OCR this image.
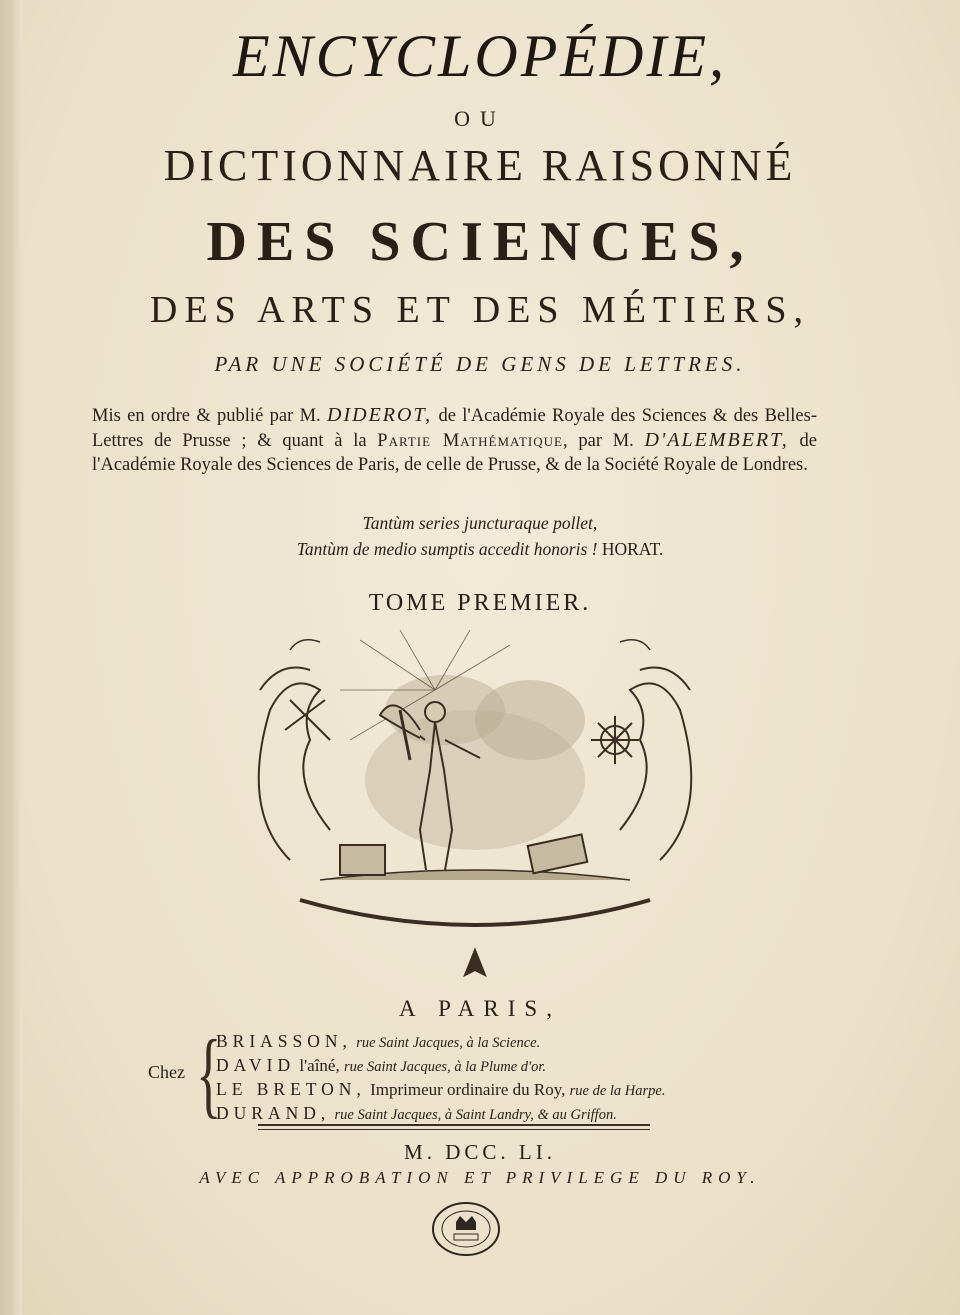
ENCYCLOPÉDIE,
OU
DICTIONNAIRE RAISONNÉ
DES SCIENCES,
DES ARTS ET DES MÉTIERS,
PAR UNE SOCIÉTÉ DE GENS DE LETTRES.
Mis en ordre & publié par M. DIDEROT, de l'Académie Royale des Sciences & des Belles-Lettres de Prusse ; & quant à la Partie Mathématique, par M. D'ALEMBERT, de l'Académie Royale des Sciences de Paris, de celle de Prusse, & de la Société Royale de Londres.
Tantùm series juncturaque pollet,
Tantùm de medio sumptis accedit honoris ! HORAT.
TOME PREMIER.
A PARIS,
Chez {
BRIASSON, rue Saint Jacques, à la Science.
DAVID l'aîné, rue Saint Jacques, à la Plume d'or.
LE BRETON, Imprimeur ordinaire du Roy, rue de la Harpe.
DURAND, rue Saint Jacques, à Saint Landry, & au Griffon.
M. DCC. LI.
AVEC APPROBATION ET PRIVILEGE DU ROY.
